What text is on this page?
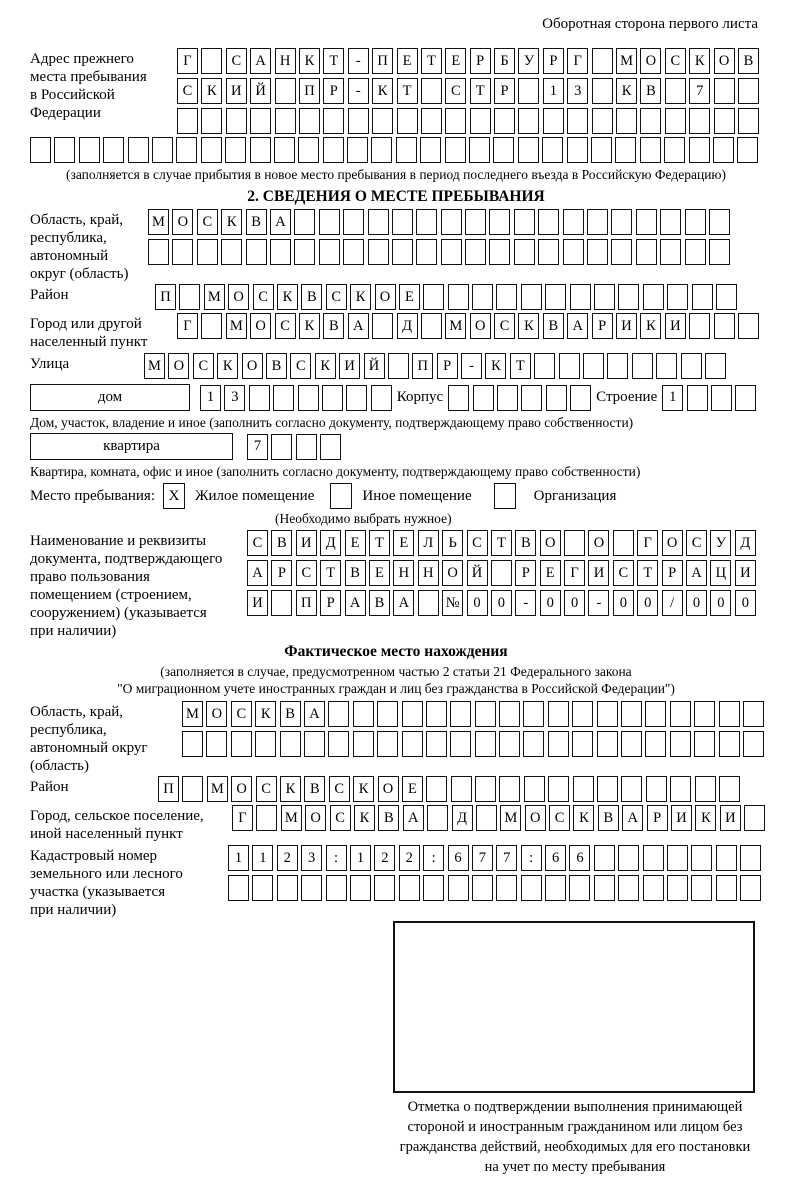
Оборотная сторона первого листа
Адрес прежнего
места пребывания
в Российской
Федерации
Г	С А Н К	Т	-	П	Е	Т	Е	Р	Б	У	Р	Г	М О С	К О В
С	К И Й	П	Р	-	К	Т	С	Т	Р	1	3	К	В	7
(заполняется в случае прибытия в новое место пребывания в период последнего въезда в Российскую Федерацию)
2. СВЕДЕНИЯ О МЕСТЕ ПРЕБЫВАНИЯ
Область, край,
республика,
автономный
округ (область)
М О С	К	В А
Район	П	М О С	К	В	С	К О	Е
Город или другой
населенный пункт
Г	М О С	К	В А	Д	М О С	К	В А	Р	И К И
Улица	М О С	К О В	С	К И Й	П	Р	-	К	Т
дом	1	3	Корпус	Строение 1
Дом, участок, владение и иное (заполнить согласно документу, подтверждающему право собственности)
квартира	7
Квартира, комната, офис и иное (заполнить согласно документу, подтверждающему право собственности)
Место пребывания: X	Жилое помещение	Иное помещение	Организация
(Необходимо выбрать нужное)
Наименование и реквизиты
документа, подтверждающего
право пользования
помещением (строением,
сооружением) (указывается
при наличии)
С	В И Д	Е	Т	Е	Л	Ь	С	Т	В О	О	Г	О С У Д
А	Р	С	Т	В	Е	Н Н О Й	Р	Е	Г	И С	Т	Р	А Ц И
И	П	Р	А В А	№ 0	0	-	0	0	-	0	0	/	0	0	0
Фактическое место нахождения
(заполняется в случае, предусмотренном частью 2 статьи 21 Федерального закона
"О миграционном учете иностранных граждан и лиц без гражданства в Российской Федерации")
Область, край,
республика,
автономный округ
(область)
М О С	К	В А
Район	П	М О С	К	В	С	К О	Е
Город, сельское поселение,
иной населенный пункт
Г	М О С	К	В А	Д	М О С	К	В А	Р	И К И
Кадастровый номер
земельного или лесного
участка (указывается
при наличии)
1	1	2	3	:	1	2	2	:	6	7	7	:	6	6
Отметка о подтверждении выполнения принимающей
стороной и иностранным гражданином или лицом без
гражданства действий, необходимых для его постановки
на учет по месту пребывания
